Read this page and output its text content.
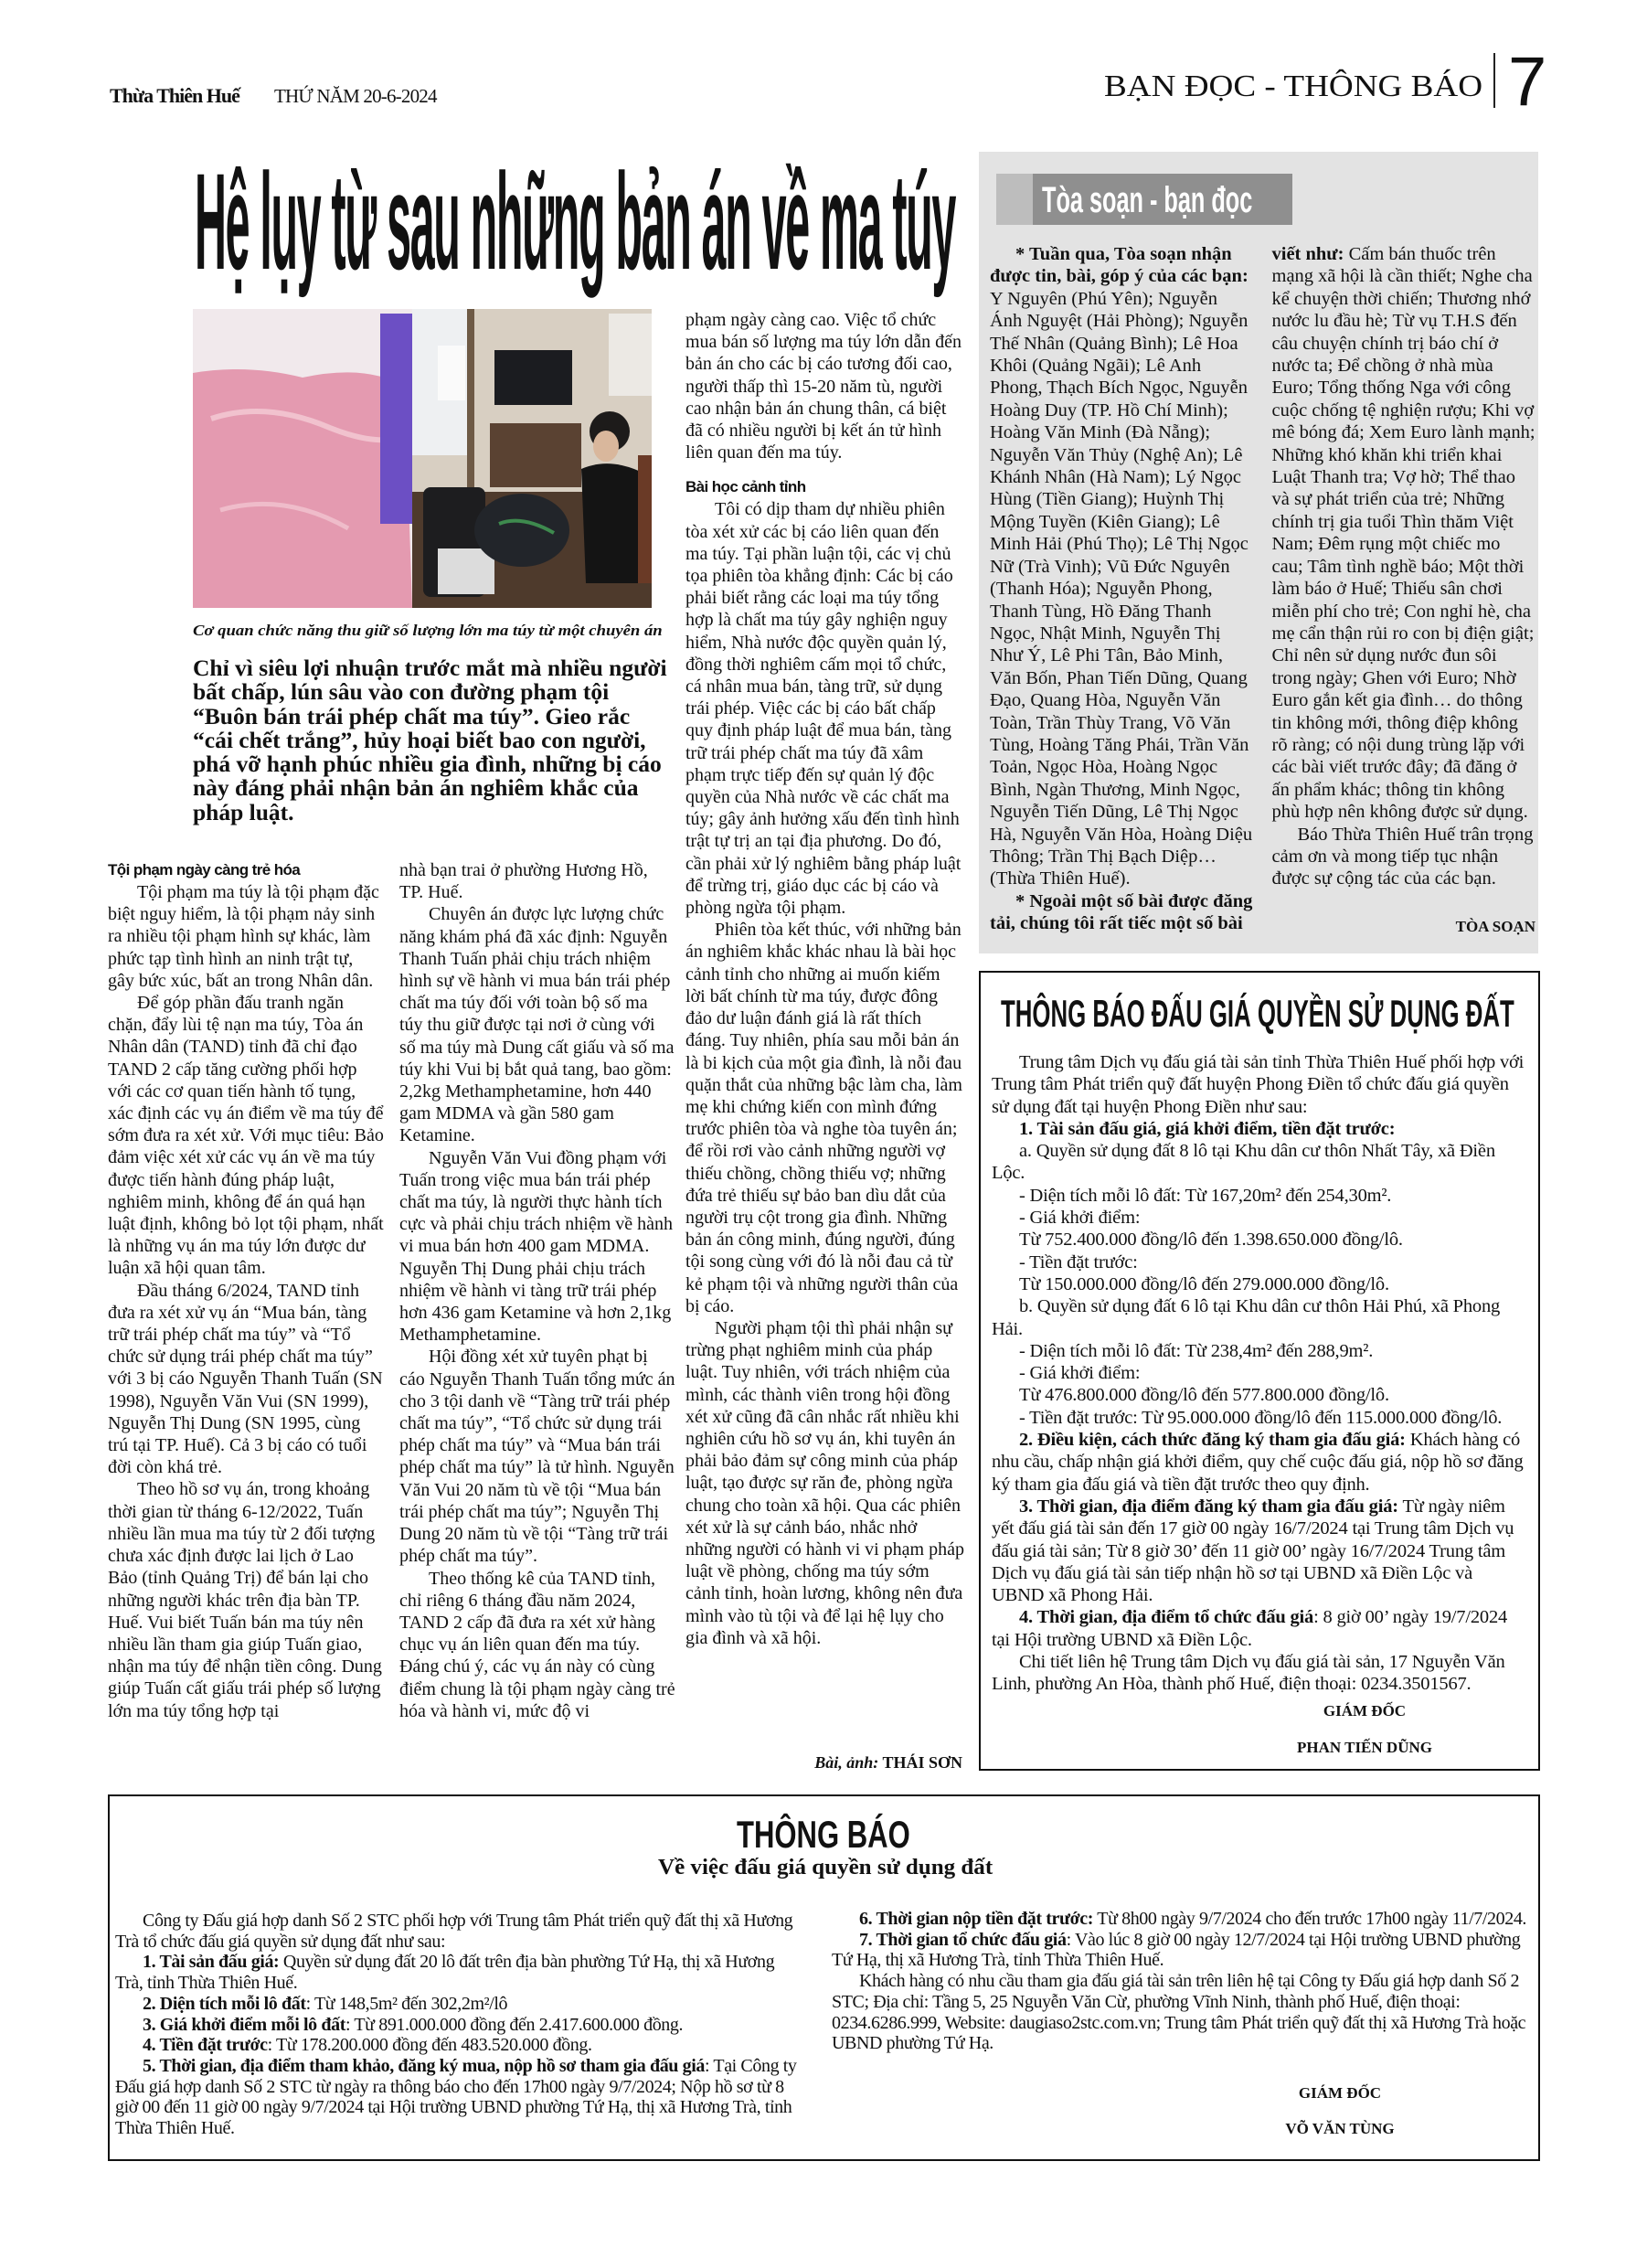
Thừa Thiên Huế THỨ NĂM 20-6-2024	BẠN ĐỌC - THÔNG BÁO 7
Hệ lụy từ sau những bản án về ma túy
Cơ quan chức năng thu giữ số lượng lớn ma túy từ một chuyên án

Chỉ vì siêu lợi nhuận trước mắt mà nhiều người bất chấp, lún sâu vào con đường phạm tội “Buôn bán trái phép chất ma túy”. Gieo rắc “cái chết trắng”, hủy hoại biết bao con người, phá vỡ hạnh phúc nhiều gia đình, những bị cáo này đáng phải nhận bản án nghiêm khắc của pháp luật.

Tội phạm ngày càng trẻ hóa

Tội phạm ma túy là tội phạm đặc biệt nguy hiểm, là tội phạm nảy sinh ra nhiều tội phạm hình sự khác, làm phức tạp tình hình an ninh trật tự, gây bức xúc, bất an trong Nhân dân.

Để góp phần đấu tranh ngăn chặn, đẩy lùi tệ nạn ma túy, Tòa án Nhân dân (TAND) tỉnh đã chỉ đạo TAND 2 cấp tăng cường phối hợp với các cơ quan tiến hành tố tụng, xác định các vụ án điểm về ma túy để sớm đưa ra xét xử. Với mục tiêu: Bảo đảm việc xét xử các vụ án về ma túy được tiến hành đúng pháp luật, nghiêm minh, không để án quá hạn luật định, không bỏ lọt tội phạm, nhất là những vụ án ma túy lớn được dư luận xã hội quan tâm.

Đầu tháng 6/2024, TAND tỉnh đưa ra xét xử vụ án “Mua bán, tàng trữ trái phép chất ma túy” và “Tổ chức sử dụng trái phép chất ma túy” với 3 bị cáo Nguyễn Thanh Tuấn (SN 1998), Nguyễn Văn Vui (SN 1999), Nguyễn Thị Dung (SN 1995, cùng trú tại TP. Huế). Cả 3 bị cáo có tuổi đời còn khá trẻ.

Theo hồ sơ vụ án, trong khoảng thời gian từ tháng 6-12/2022, Tuấn nhiều lần mua ma túy từ 2 đối tượng chưa xác định được lai lịch ở Lao Bảo (tỉnh Quảng Trị) để bán lại cho những người khác trên địa bàn TP. Huế. Vui biết Tuấn bán ma túy nên nhiều lần tham gia giúp Tuấn giao, nhận ma túy để nhận tiền công. Dung giúp Tuấn cất giấu trái phép số lượng lớn ma túy tổng hợp tại

nhà bạn trai ở phường Hương Hồ, TP. Huế.

Chuyên án được lực lượng chức năng khám phá đã xác định: Nguyễn Thanh Tuấn phải chịu trách nhiệm hình sự về hành vi mua bán trái phép chất ma túy đối với toàn bộ số ma túy thu giữ được tại nơi ở cùng với số ma túy mà Dung cất giấu và số ma túy khi Vui bị bắt quả tang, bao gồm: 2,2kg Methamphetamine, hơn 440 gam MDMA và gần 580 gam Ketamine.

Nguyễn Văn Vui đồng phạm với Tuấn trong việc mua bán trái phép chất ma túy, là người thực hành tích cực và phải chịu trách nhiệm về hành vi mua bán hơn 400 gam MDMA. Nguyễn Thị Dung phải chịu trách nhiệm về hành vi tàng trữ trái phép hơn 436 gam Ketamine và hơn 2,1kg Methamphetamine.

Hội đồng xét xử tuyên phạt bị cáo Nguyễn Thanh Tuấn tổng mức án cho 3 tội danh về “Tàng trữ trái phép chất ma túy”, “Tổ chức sử dụng trái phép chất ma túy” và “Mua bán trái phép chất ma túy” là tử hình. Nguyễn Văn Vui 20 năm tù về tội “Mua bán trái phép chất ma túy”; Nguyễn Thị Dung 20 năm tù về tội “Tàng trữ trái phép chất ma túy”.

Theo thống kê của TAND tỉnh, chỉ riêng 6 tháng đầu năm 2024, TAND 2 cấp đã đưa ra xét xử hàng chục vụ án liên quan đến ma túy. Đáng chú ý, các vụ án này có cùng điểm chung là tội phạm ngày càng trẻ hóa và hành vi, mức độ vi

phạm ngày càng cao. Việc tổ chức mua bán số lượng ma túy lớn dẫn đến bản án cho các bị cáo tương đối cao, người thấp thì 15-20 năm tù, người cao nhận bản án chung thân, cá biệt đã có nhiều người bị kết án tử hình liên quan đến ma túy.

Bài học cảnh tỉnh

Tôi có dịp tham dự nhiều phiên tòa xét xử các bị cáo liên quan đến ma túy. Tại phần luận tội, các vị chủ tọa phiên tòa khẳng định: Các bị cáo phải biết rằng các loại ma túy tổng hợp là chất ma túy gây nghiện nguy hiểm, Nhà nước độc quyền quản lý, đồng thời nghiêm cấm mọi tổ chức, cá nhân mua bán, tàng trữ, sử dụng trái phép. Việc các bị cáo bất chấp quy định pháp luật để mua bán, tàng trữ trái phép chất ma túy đã xâm phạm trực tiếp đến sự quản lý độc quyền của Nhà nước về các chất ma túy; gây ảnh hưởng xấu đến tình hình trật tự trị an tại địa phương. Do đó, cần phải xử lý nghiêm bằng pháp luật để trừng trị, giáo dục các bị cáo và phòng ngừa tội phạm.

Phiên tòa kết thúc, với những bản án nghiêm khắc khác nhau là bài học cảnh tỉnh cho những ai muốn kiếm lời bất chính từ ma túy, được đông đảo dư luận đánh giá là rất thích đáng. Tuy nhiên, phía sau mỗi bản án là bi kịch của một gia đình, là nỗi đau quặn thắt của những bậc làm cha, làm mẹ khi chứng kiến con mình đứng trước phiên tòa và nghe tòa tuyên án; để rồi rơi vào cảnh những người vợ thiếu chồng, chồng thiếu vợ; những đứa trẻ thiếu sự bảo ban dìu dắt của người trụ cột trong gia đình. Những bản án công minh, đúng người, đúng tội song cùng với đó là nỗi đau cả từ kẻ phạm tội và những người thân của bị cáo.

Người phạm tội thì phải nhận sự trừng phạt nghiêm minh của pháp luật. Tuy nhiên, với trách nhiệm của mình, các thành viên trong hội đồng xét xử cũng đã cân nhắc rất nhiều khi nghiên cứu hồ sơ vụ án, khi tuyên án phải bảo đảm sự công minh của pháp luật, tạo được sự răn đe, phòng ngừa chung cho toàn xã hội. Qua các phiên xét xử là sự cảnh báo, nhắc nhở những người có hành vi vi phạm pháp luật về phòng, chống ma túy sớm cảnh tỉnh, hoàn lương, không nên đưa mình vào tù tội và để lại hệ lụy cho gia đình và xã hội.

Bài, ảnh: THÁI SƠN
Tòa soạn - bạn đọc

* Tuần qua, Tòa soạn nhận được tin, bài, góp ý của các bạn: Y Nguyên (Phú Yên); Nguyễn Ánh Nguyệt (Hải Phòng); Nguyễn Thế Nhân (Quảng Bình); Lê Hoa Khôi (Quảng Ngãi); Lê Anh Phong, Thạch Bích Ngọc, Nguyễn Hoàng Duy (TP. Hồ Chí Minh); Hoàng Văn Minh (Đà Nẵng); Nguyễn Văn Thủy (Nghệ An); Lê Khánh Nhân (Hà Nam); Lý Ngọc Hùng (Tiền Giang); Huỳnh Thị Mộng Tuyền (Kiên Giang); Lê Minh Hải (Phú Thọ); Lê Thị Ngọc Nữ (Trà Vinh); Vũ Đức Nguyên (Thanh Hóa); Nguyễn Phong, Thanh Tùng, Hồ Đăng Thanh Ngọc, Nhật Minh, Nguyễn Thị Như Ý, Lê Phi Tân, Bảo Minh, Văn Bốn, Phan Tiến Dũng, Quang Đạo, Quang Hòa, Nguyễn Văn Toàn, Trần Thùy Trang, Võ Văn Tùng, Hoàng Tăng Phái, Trần Văn Toản, Ngọc Hòa, Hoàng Ngọc Bình, Ngàn Thương, Minh Ngọc, Nguyễn Tiến Dũng, Lê Thị Ngọc Hà, Nguyễn Văn Hòa, Hoàng Diệu Thông; Trần Thị Bạch Diệp… (Thừa Thiên Huế).

* Ngoài một số bài được đăng tải, chúng tôi rất tiếc một số bài viết như: Cấm bán thuốc trên mạng xã hội là cần thiết; Nghe cha kể chuyện thời chiến; Thương nhớ nước lu đầu hè; Từ vụ T.H.S đến câu chuyện chính trị báo chí ở nước ta; Để chồng ở nhà mùa Euro; Tổng thống Nga với công cuộc chống tệ nghiện rượu; Khi vợ mê bóng đá; Xem Euro lành mạnh; Những khó khăn khi triển khai Luật Thanh tra; Vợ hờ; Thể thao và sự phát triển của trẻ; Những chính trị gia tuổi Thìn thăm Việt Nam; Đêm rụng một chiếc mo cau; Tâm tình nghề báo; Một thời làm báo ở Huế; Thiếu sân chơi miễn phí cho trẻ; Con nghỉ hè, cha mẹ cẩn thận rủi ro con bị điện giật; Chỉ nên sử dụng nước đun sôi trong ngày; Ghen với Euro; Nhờ Euro gắn kết gia đình… do thông tin không mới, thông điệp không rõ ràng; có nội dung trùng lặp với các bài viết trước đây; đã đăng ở ấn phẩm khác; thông tin không phù hợp nên không được sử dụng.

Báo Thừa Thiên Huế trân trọng cảm ơn và mong tiếp tục nhận được sự cộng tác của các bạn.

TÒA SOẠN
THÔNG BÁO ĐẤU GIÁ QUYỀN SỬ DỤNG ĐẤT

Trung tâm Dịch vụ đấu giá tài sản tỉnh Thừa Thiên Huế phối hợp với Trung tâm Phát triển quỹ đất huyện Phong Điền tổ chức đấu giá quyền sử dụng đất tại huyện Phong Điền như sau:

1. Tài sản đấu giá, giá khởi điểm, tiền đặt trước:

a. Quyền sử dụng đất 8 lô tại Khu dân cư thôn Nhất Tây, xã Điền Lộc.

- Diện tích mỗi lô đất: Từ 167,20m² đến 254,30m².

- Giá khởi điểm:

Từ 752.400.000 đồng/lô đến 1.398.650.000 đồng/lô.

- Tiền đặt trước:

Từ 150.000.000 đồng/lô đến 279.000.000 đồng/lô.

b. Quyền sử dụng đất 6 lô tại Khu dân cư thôn Hải Phú, xã Phong Hải.

- Diện tích mỗi lô đất: Từ 238,4m² đến 288,9m².

- Giá khởi điểm:

Từ 476.800.000 đồng/lô đến 577.800.000 đồng/lô.

- Tiền đặt trước: Từ 95.000.000 đồng/lô đến 115.000.000 đồng/lô.

2. Điều kiện, cách thức đăng ký tham gia đấu giá: Khách hàng có nhu cầu, chấp nhận giá khởi điểm, quy chế cuộc đấu giá, nộp hồ sơ đăng ký tham gia đấu giá và tiền đặt trước theo quy định.

3. Thời gian, địa điểm đăng ký tham gia đấu giá: Từ ngày niêm yết đấu giá tài sản đến 17 giờ 00 ngày 16/7/2024 tại Trung tâm Dịch vụ đấu giá tài sản; Từ 8 giờ 30’ đến 11 giờ 00’ ngày 16/7/2024 Trung tâm Dịch vụ đấu giá tài sản tiếp nhận hồ sơ tại UBND xã Điền Lộc và UBND xã Phong Hải.

4. Thời gian, địa điểm tổ chức đấu giá: 8 giờ 00’ ngày 19/7/2024 tại Hội trường UBND xã Điền Lộc.

Chi tiết liên hệ Trung tâm Dịch vụ đấu giá tài sản, 17 Nguyễn Văn Linh, phường An Hòa, thành phố Huế, điện thoại: 0234.3501567.

GIÁM ĐỐC
PHAN TIẾN DŨNG
THÔNG BÁO
Về việc đấu giá quyền sử dụng đất

Công ty Đấu giá hợp danh Số 2 STC phối hợp với Trung tâm Phát triển quỹ đất thị xã Hương Trà tổ chức đấu giá quyền sử dụng đất như sau:

1. Tài sản đấu giá: Quyền sử dụng đất 20 lô đất trên địa bàn phường Tứ Hạ, thị xã Hương Trà, tỉnh Thừa Thiên Huế.

2. Diện tích mỗi lô đất: Từ 148,5m² đến 302,2m²/lô

3. Giá khởi điểm mỗi lô đất: Từ 891.000.000 đồng đến 2.417.600.000 đồng.

4. Tiền đặt trước: Từ 178.200.000 đồng đến 483.520.000 đồng.

5. Thời gian, địa điểm tham khảo, đăng ký mua, nộp hồ sơ tham gia đấu giá: Tại Công ty Đấu giá hợp danh Số 2 STC từ ngày ra thông báo cho đến 17h00 ngày 9/7/2024; Nộp hồ sơ từ 8 giờ 00 đến 11 giờ 00 ngày 9/7/2024 tại Hội trường UBND phường Tứ Hạ, thị xã Hương Trà, tỉnh Thừa Thiên Huế.

6. Thời gian nộp tiền đặt trước: Từ 8h00 ngày 9/7/2024 cho đến trước 17h00 ngày 11/7/2024.

7. Thời gian tổ chức đấu giá: Vào lúc 8 giờ 00 ngày 12/7/2024 tại Hội trường UBND phường Tứ Hạ, thị xã Hương Trà, tỉnh Thừa Thiên Huế.

Khách hàng có nhu cầu tham gia đấu giá tài sản trên liên hệ tại Công ty Đấu giá hợp danh Số 2 STC; Địa chỉ: Tầng 5, 25 Nguyễn Văn Cừ, phường Vĩnh Ninh, thành phố Huế, điện thoại: 0234.6286.999, Website: daugiaso2stc.com.vn; Trung tâm Phát triển quỹ đất thị xã Hương Trà hoặc UBND phường Tứ Hạ.

GIÁM ĐỐC
VÕ VĂN TÙNG
